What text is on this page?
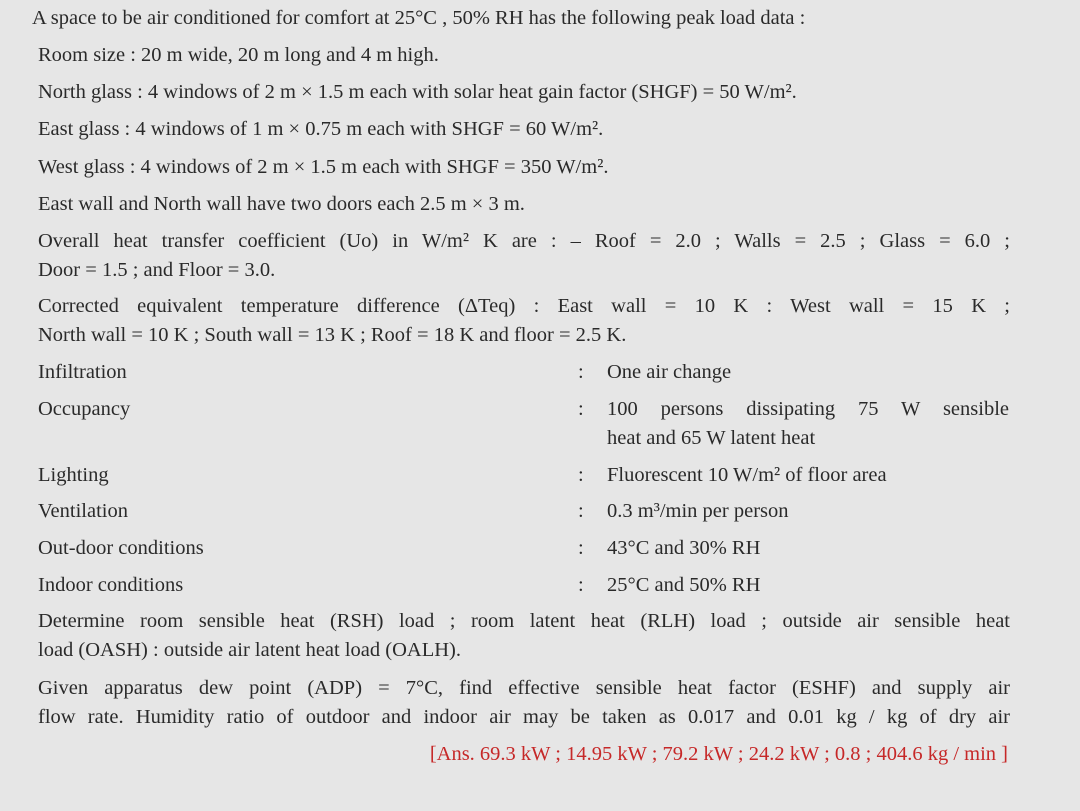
A space to be air conditioned for comfort at 25°C , 50% RH has the following peak load data :
Room size : 20 m wide, 20 m long and 4 m high.
North glass : 4 windows of 2 m × 1.5 m each with solar heat gain factor (SHGF) = 50 W/m².
East glass : 4 windows of 1 m × 0.75 m each with SHGF = 60 W/m².
West glass : 4 windows of 2 m × 1.5 m each with SHGF = 350 W/m².
East wall and North wall have two doors each 2.5 m × 3 m.
Overall heat transfer coefficient (Uo) in W/m² K are : – Roof = 2.0 ; Walls = 2.5 ; Glass = 6.0 ;
Door = 1.5 ; and Floor = 3.0.
Corrected equivalent temperature difference (ΔTeq) : East wall = 10 K : West wall = 15 K ;
North wall = 10 K ; South wall = 13 K ; Roof = 18 K and floor = 2.5 K.
Infiltration	: One air change
Occupancy	: 100 persons dissipating 75 W sensible
heat and 65 W latent heat
Lighting	: Fluorescent 10 W/m² of floor area
Ventilation	: 0.3 m³/min per person
Out-door conditions	: 43°C and 30% RH
Indoor conditions	: 25°C and 50% RH
Determine room sensible heat (RSH) load ; room latent heat (RLH) load ; outside air sensible heat
load (OASH) : outside air latent heat load (OALH).
Given apparatus dew point (ADP) = 7°C, find effective sensible heat factor (ESHF) and supply air
flow rate. Humidity ratio of outdoor and indoor air may be taken as 0.017 and 0.01 kg / kg of dry air
[Ans. 69.3 kW ; 14.95 kW ; 79.2 kW ; 24.2 kW ; 0.8 ; 404.6 kg / min ]
